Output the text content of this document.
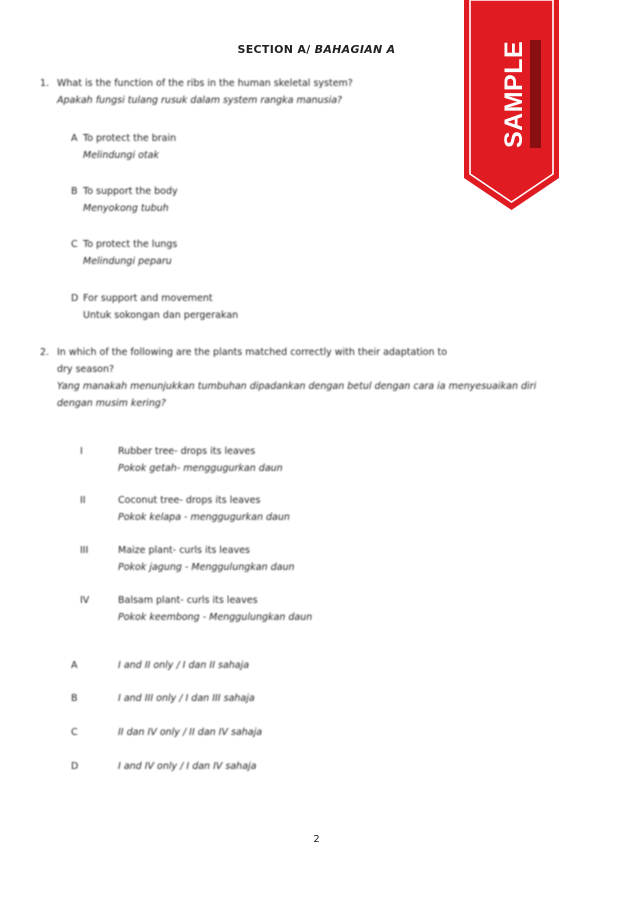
SECTION A/ BAHAGIAN A
1. What is the function of the ribs in the human skeletal system?
Apakah fungsi tulang rusuk dalam system rangka manusia?
A To protect the brain
Melindungi otak
B To support the body
Menyokong tubuh
C To protect the lungs
Melindungi peparu
D For support and movement
Untuk sokongan dan pergerakan
2. In which of the following are the plants matched correctly with their adaptation to
dry season?
Yang manakah menunjukkan tumbuhan dipadankan dengan betul dengan cara ia menyesuaikan diri
dengan musim kering?
I	Rubber tree- drops its leaves
Pokok getah- menggugurkan daun
II	Coconut tree- drops its leaves
Pokok kelapa - menggugurkan daun
III	Maize plant- curls its leaves
Pokok jagung - Menggulungkan daun
IV	Balsam plant- curls its leaves
Pokok keembong - Menggulungkan daun
A	I and II only / I dan II sahaja
B	I and III only / I dan III sahaja
C	II dan IV only / II dan IV sahaja
D	I and IV only / I dan IV sahaja
SAMPLE
2
